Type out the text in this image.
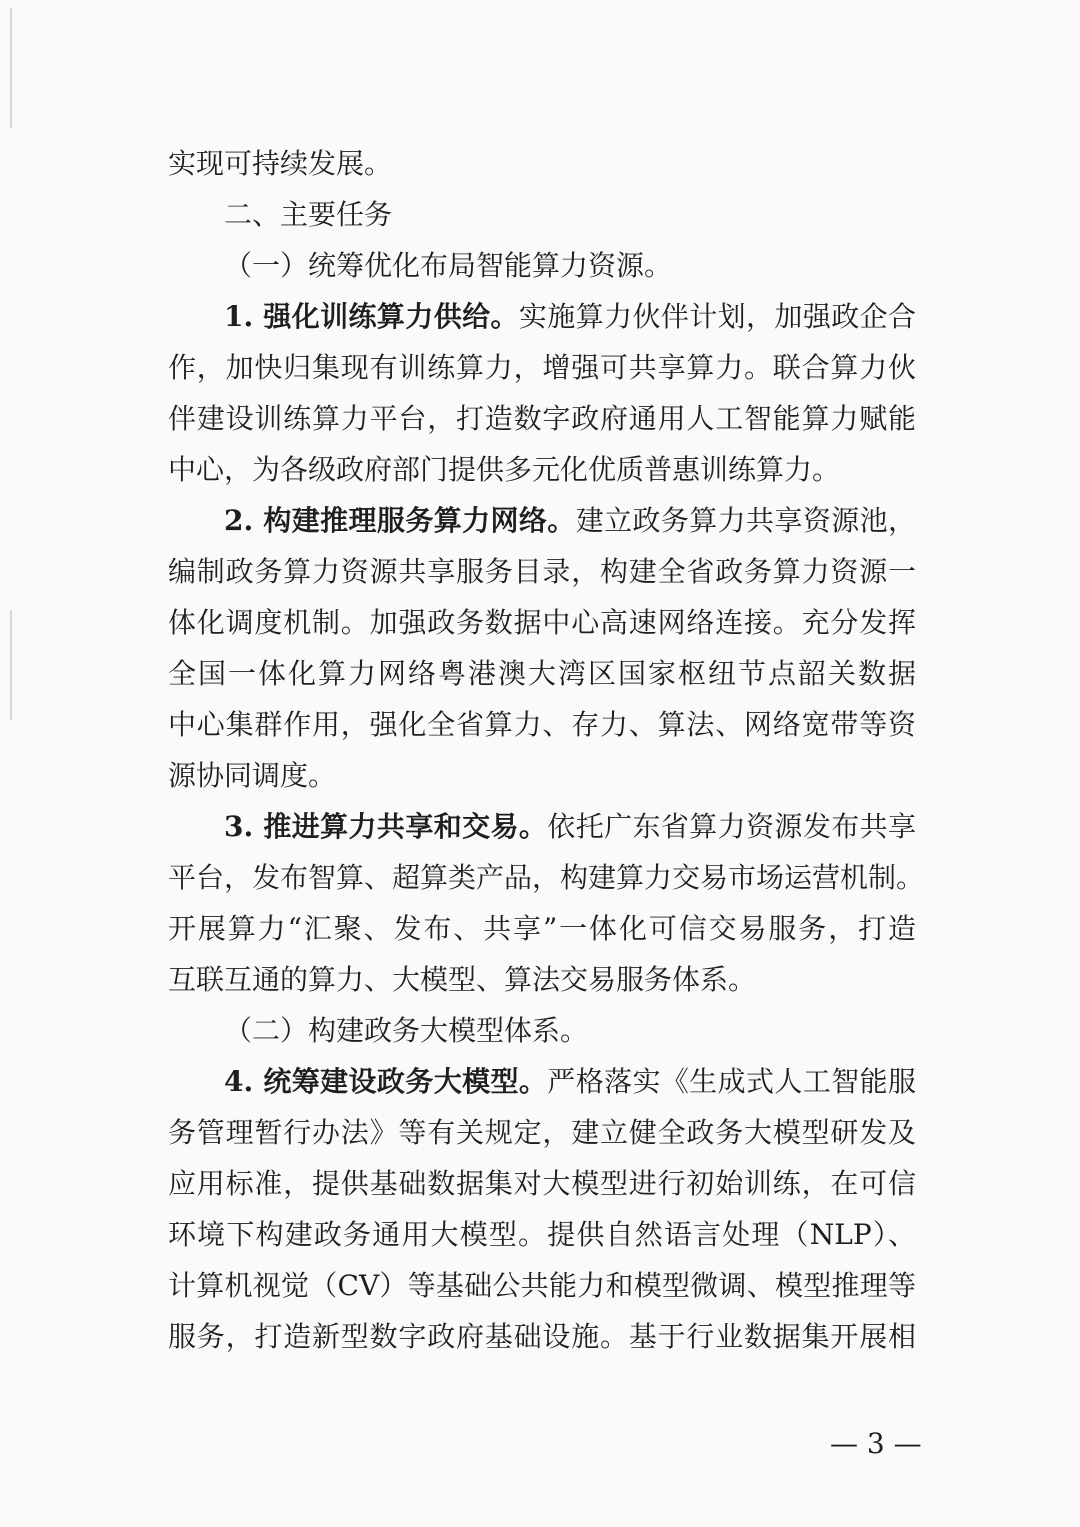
实现可持续发展。
二、主要任务
（一）统筹优化布局智能算力资源。
1. 强化训练算力供给。实施算力伙伴计划，加强政企合
作，加快归集现有训练算力，增强可共享算力。联合算力伙
伴建设训练算力平台，打造数字政府通用人工智能算力赋能
中心，为各级政府部门提供多元化优质普惠训练算力。
2. 构建推理服务算力网络。建立政务算力共享资源池，
编制政务算力资源共享服务目录，构建全省政务算力资源一
体化调度机制。加强政务数据中心高速网络连接。充分发挥
全国一体化算力网络粤港澳大湾区国家枢纽节点韶关数据
中心集群作用，强化全省算力、存力、算法、网络宽带等资
源协同调度。
3. 推进算力共享和交易。依托广东省算力资源发布共享
平台，发布智算、超算类产品，构建算力交易市场运营机制。
开展算力“汇聚、发布、共享”一体化可信交易服务，打造
互联互通的算力、大模型、算法交易服务体系。
（二）构建政务大模型体系。
4. 统筹建设政务大模型。严格落实《生成式人工智能服
务管理暂行办法》等有关规定，建立健全政务大模型研发及
应用标准，提供基础数据集对大模型进行初始训练，在可信
环境下构建政务通用大模型。提供自然语言处理（NLP）、
计算机视觉（CV）等基础公共能力和模型微调、模型推理等
服务，打造新型数字政府基础设施。基于行业数据集开展相
— 3 —
